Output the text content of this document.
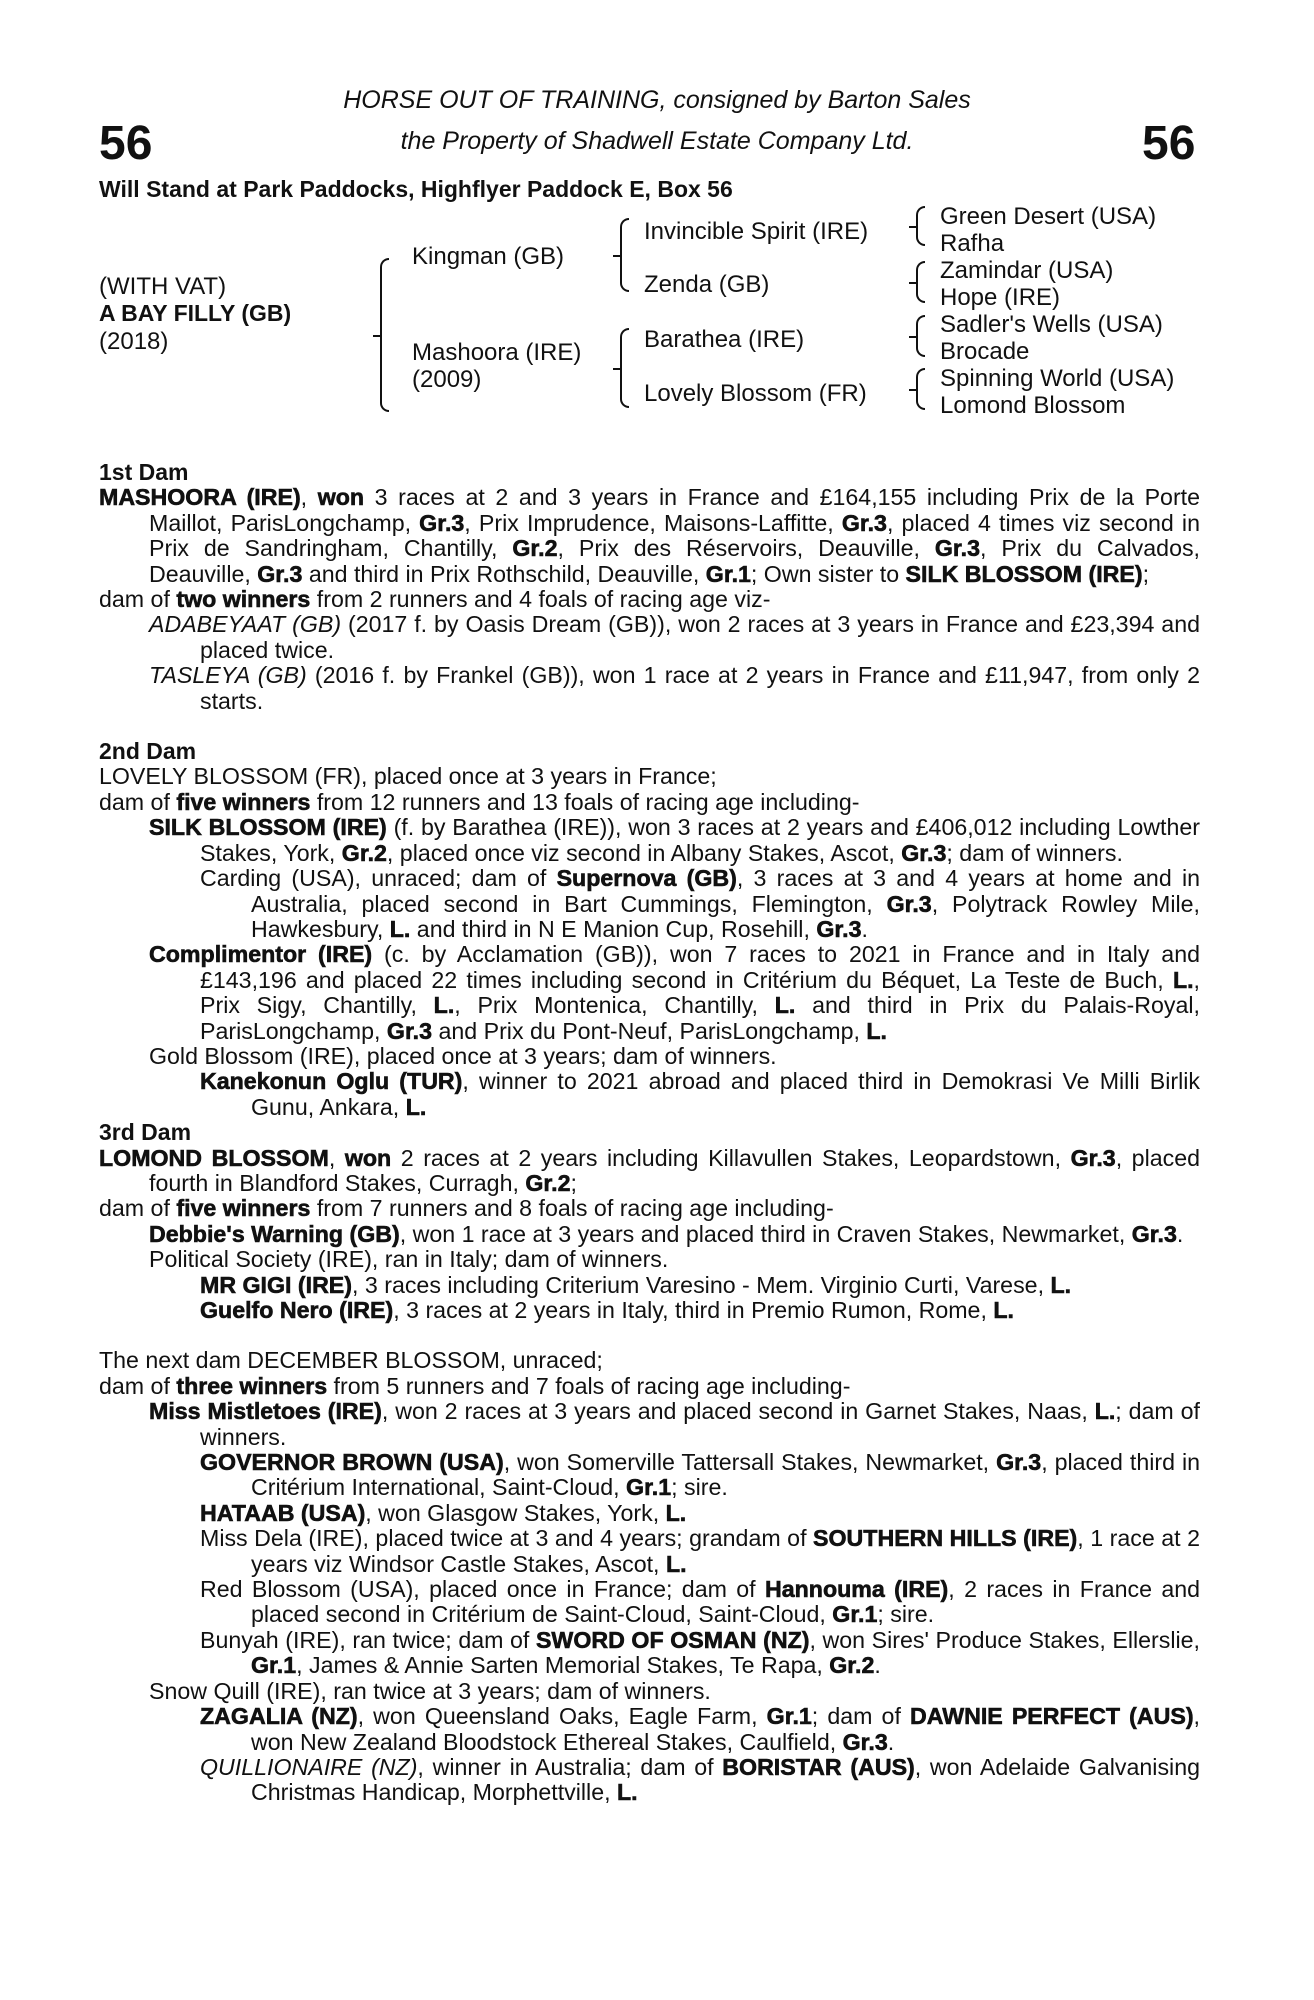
56	56
HORSE OUT OF TRAINING, consigned by Barton Sales
the Property of Shadwell Estate Company Ltd.
Will Stand at Park Paddocks, Highflyer Paddock E, Box 56
(WITH VAT)
A BAY FILLY (GB)
(2018)
Kingman (GB)
Mashoora (IRE)
(2009)
Invincible Spirit (IRE)
Zenda (GB)
Barathea (IRE)
Lovely Blossom (FR)
Green Desert (USA)
Rafha
Zamindar (USA)
Hope (IRE)
Sadler's Wells (USA)
Brocade
Spinning World (USA)
Lomond Blossom

1st Dam

MASHOORA (IRE), won 3 races at 2 and 3 years in France and £164,155 including Prix de la Porte Maillot, ParisLongchamp, Gr.3, Prix Imprudence, Maisons-Laffitte, Gr.3, placed 4 times viz second in Prix de Sandringham, Chantilly, Gr.2, Prix des Réservoirs, Deauville, Gr.3, Prix du Calvados, Deauville, Gr.3 and third in Prix Rothschild, Deauville, Gr.1; Own sister to SILK BLOSSOM (IRE);

dam of two winners from 2 runners and 4 foals of racing age viz-

ADABEYAAT (GB) (2017 f. by Oasis Dream (GB)), won 2 races at 3 years in France and £23,394 and placed twice.

TASLEYA (GB) (2016 f. by Frankel (GB)), won 1 race at 2 years in France and £11,947, from only 2 starts.

2nd Dam

LOVELY BLOSSOM (FR), placed once at 3 years in France;

dam of five winners from 12 runners and 13 foals of racing age including-

SILK BLOSSOM (IRE) (f. by Barathea (IRE)), won 3 races at 2 years and £406,012 including Lowther Stakes, York, Gr.2, placed once viz second in Albany Stakes, Ascot, Gr.3; dam of winners.

Carding (USA), unraced; dam of Supernova (GB), 3 races at 3 and 4 years at home and in Australia, placed second in Bart Cummings, Flemington, Gr.3, Polytrack Rowley Mile, Hawkesbury, L. and third in N E Manion Cup, Rosehill, Gr.3.

Complimentor (IRE) (c. by Acclamation (GB)), won 7 races to 2021 in France and in Italy and £143,196 and placed 22 times including second in Critérium du Béquet, La Teste de Buch, L., Prix Sigy, Chantilly, L., Prix Montenica, Chantilly, L. and third in Prix du Palais-Royal, ParisLongchamp, Gr.3 and Prix du Pont-Neuf, ParisLongchamp, L.

Gold Blossom (IRE), placed once at 3 years; dam of winners.

Kanekonun Oglu (TUR), winner to 2021 abroad and placed third in Demokrasi Ve Milli Birlik Gunu, Ankara, L.

3rd Dam

LOMOND BLOSSOM, won 2 races at 2 years including Killavullen Stakes, Leopardstown, Gr.3, placed fourth in Blandford Stakes, Curragh, Gr.2;

dam of five winners from 7 runners and 8 foals of racing age including-

Debbie's Warning (GB), won 1 race at 3 years and placed third in Craven Stakes, Newmarket, Gr.3.

Political Society (IRE), ran in Italy; dam of winners.

MR GIGI (IRE), 3 races including Criterium Varesino - Mem. Virginio Curti, Varese, L.

Guelfo Nero (IRE), 3 races at 2 years in Italy, third in Premio Rumon, Rome, L.

The next dam DECEMBER BLOSSOM, unraced;

dam of three winners from 5 runners and 7 foals of racing age including-

Miss Mistletoes (IRE), won 2 races at 3 years and placed second in Garnet Stakes, Naas, L.; dam of winners.

GOVERNOR BROWN (USA), won Somerville Tattersall Stakes, Newmarket, Gr.3, placed third in Critérium International, Saint-Cloud, Gr.1; sire.

HATAAB (USA), won Glasgow Stakes, York, L.

Miss Dela (IRE), placed twice at 3 and 4 years; grandam of SOUTHERN HILLS (IRE), 1 race at 2 years viz Windsor Castle Stakes, Ascot, L.

Red Blossom (USA), placed once in France; dam of Hannouma (IRE), 2 races in France and placed second in Critérium de Saint-Cloud, Saint-Cloud, Gr.1; sire.

Bunyah (IRE), ran twice; dam of SWORD OF OSMAN (NZ), won Sires' Produce Stakes, Ellerslie, Gr.1, James & Annie Sarten Memorial Stakes, Te Rapa, Gr.2.

Snow Quill (IRE), ran twice at 3 years; dam of winners.

ZAGALIA (NZ), won Queensland Oaks, Eagle Farm, Gr.1; dam of DAWNIE PERFECT (AUS), won New Zealand Bloodstock Ethereal Stakes, Caulfield, Gr.3.

QUILLIONAIRE (NZ), winner in Australia; dam of BORISTAR (AUS), won Adelaide Galvanising Christmas Handicap, Morphettville, L.
